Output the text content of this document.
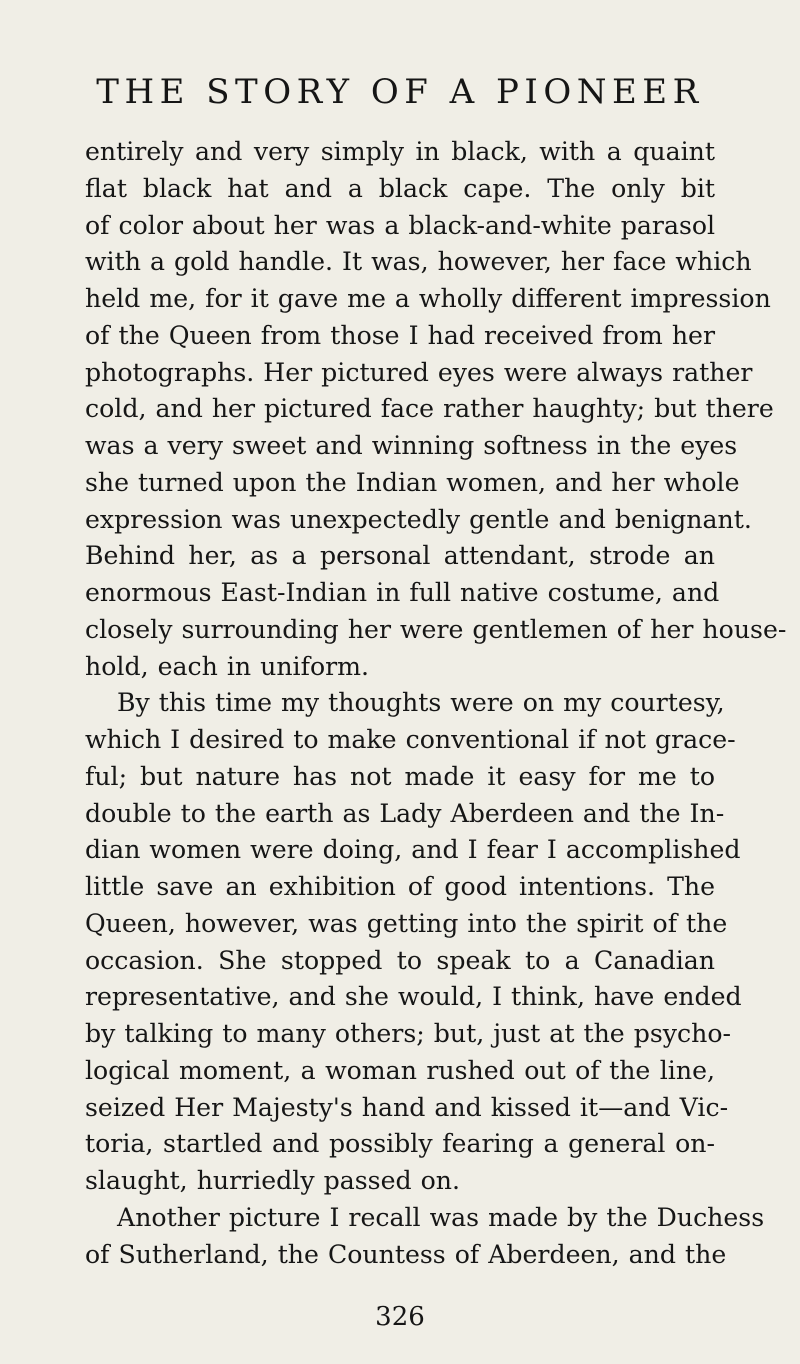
THE STORY OF A PIONEER
entirely and very simply in black, with a quaint
flat black hat and a black cape. The only bit
of color about her was a black-and-white parasol
with a gold handle. It was, however, her face which
held me, for it gave me a wholly different impression
of the Queen from those I had received from her
photographs. Her pictured eyes were always rather
cold, and her pictured face rather haughty; but there
was a very sweet and winning softness in the eyes
she turned upon the Indian women, and her whole
expression was unexpectedly gentle and benignant.
Behind her, as a personal attendant, strode an
enormous East-Indian in full native costume, and
closely surrounding her were gentlemen of her house-
hold, each in uniform.
By this time my thoughts were on my courtesy,
which I desired to make conventional if not grace-
ful; but nature has not made it easy for me to
double to the earth as Lady Aberdeen and the In-
dian women were doing, and I fear I accomplished
little save an exhibition of good intentions. The
Queen, however, was getting into the spirit of the
occasion. She stopped to speak to a Canadian
representative, and she would, I think, have ended
by talking to many others; but, just at the psycho-
logical moment, a woman rushed out of the line,
seized Her Majesty's hand and kissed it—and Vic-
toria, startled and possibly fearing a general on-
slaught, hurriedly passed on.
Another picture I recall was made by the Duchess
of Sutherland, the Countess of Aberdeen, and the
326
